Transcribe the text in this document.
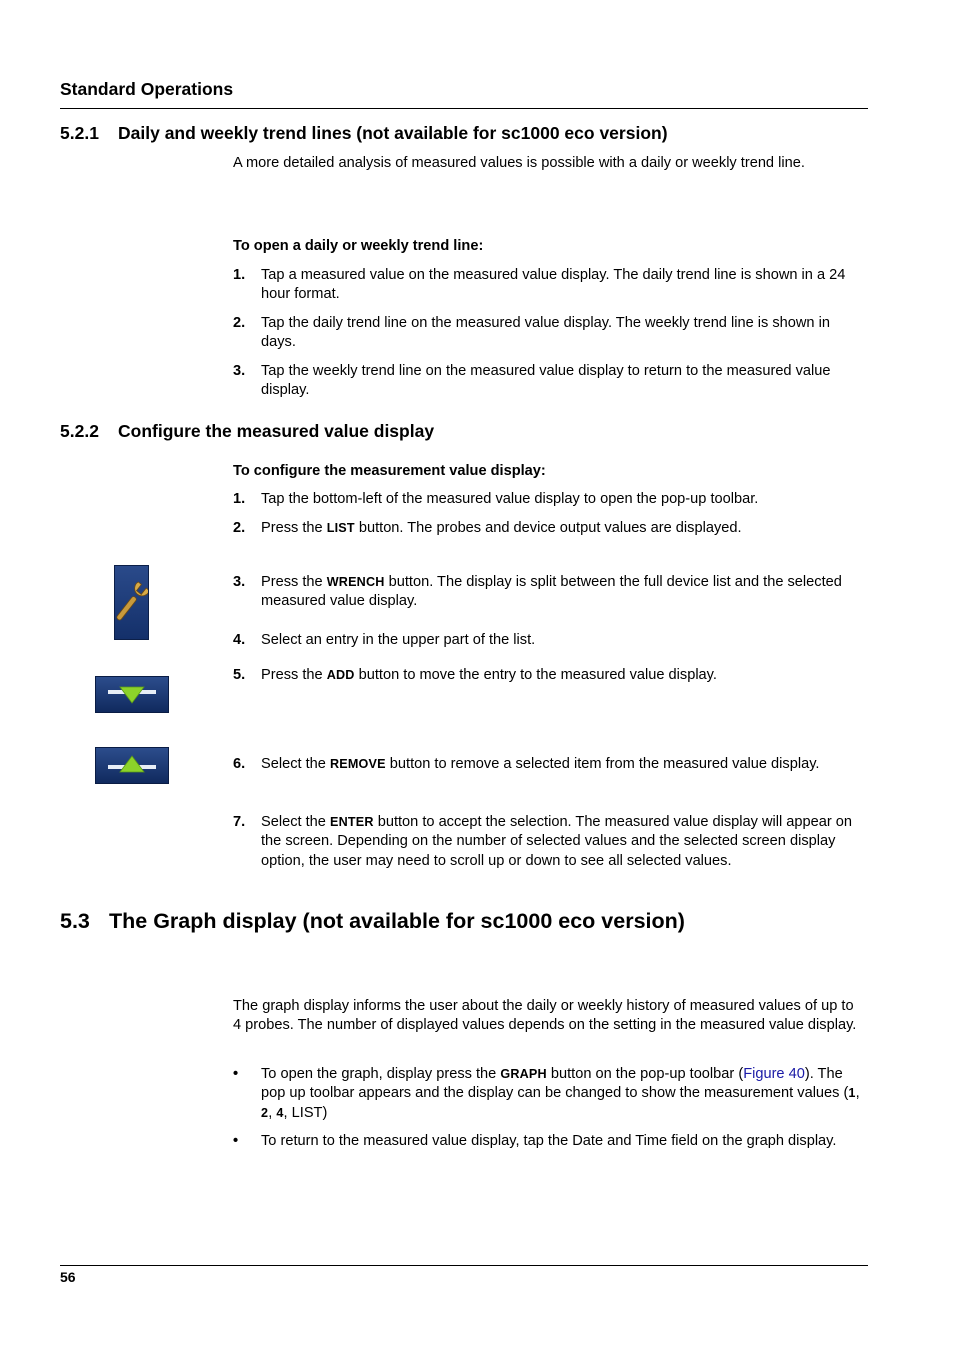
Standard Operations
5.2.1 Daily and weekly trend lines (not available for sc1000 eco version)
A more detailed analysis of measured values is possible with a daily or weekly trend line.
To open a daily or weekly trend line:
1. Tap a measured value on the measured value display. The daily trend line is shown in a 24 hour format.
2. Tap the daily trend line on the measured value display. The weekly trend line is shown in days.
3. Tap the weekly trend line on the measured value display to return to the measured value display.
5.2.2 Configure the measured value display
To configure the measurement value display:
1. Tap the bottom-left of the measured value display to open the pop-up toolbar.
2. Press the LIST button. The probes and device output values are displayed.
3. Press the WRENCH button. The display is split between the full device list and the selected measured value display.
4. Select an entry in the upper part of the list.
5. Press the ADD button to move the entry to the measured value display.
6. Select the REMOVE button to remove a selected item from the measured value display.
7. Select the ENTER button to accept the selection. The measured value display will appear on the screen. Depending on the number of selected values and the selected screen display option, the user may need to scroll up or down to see all selected values.
5.3 The Graph display (not available for sc1000 eco version)
The graph display informs the user about the daily or weekly history of measured values of up to 4 probes. The number of displayed values depends on the setting in the measured value display.
• To open the graph, display press the GRAPH button on the pop-up toolbar (Figure 40). The pop up toolbar appears and the display can be changed to show the measurement values (1, 2, 4, LIST)
• To return to the measured value display, tap the Date and Time field on the graph display.
56
